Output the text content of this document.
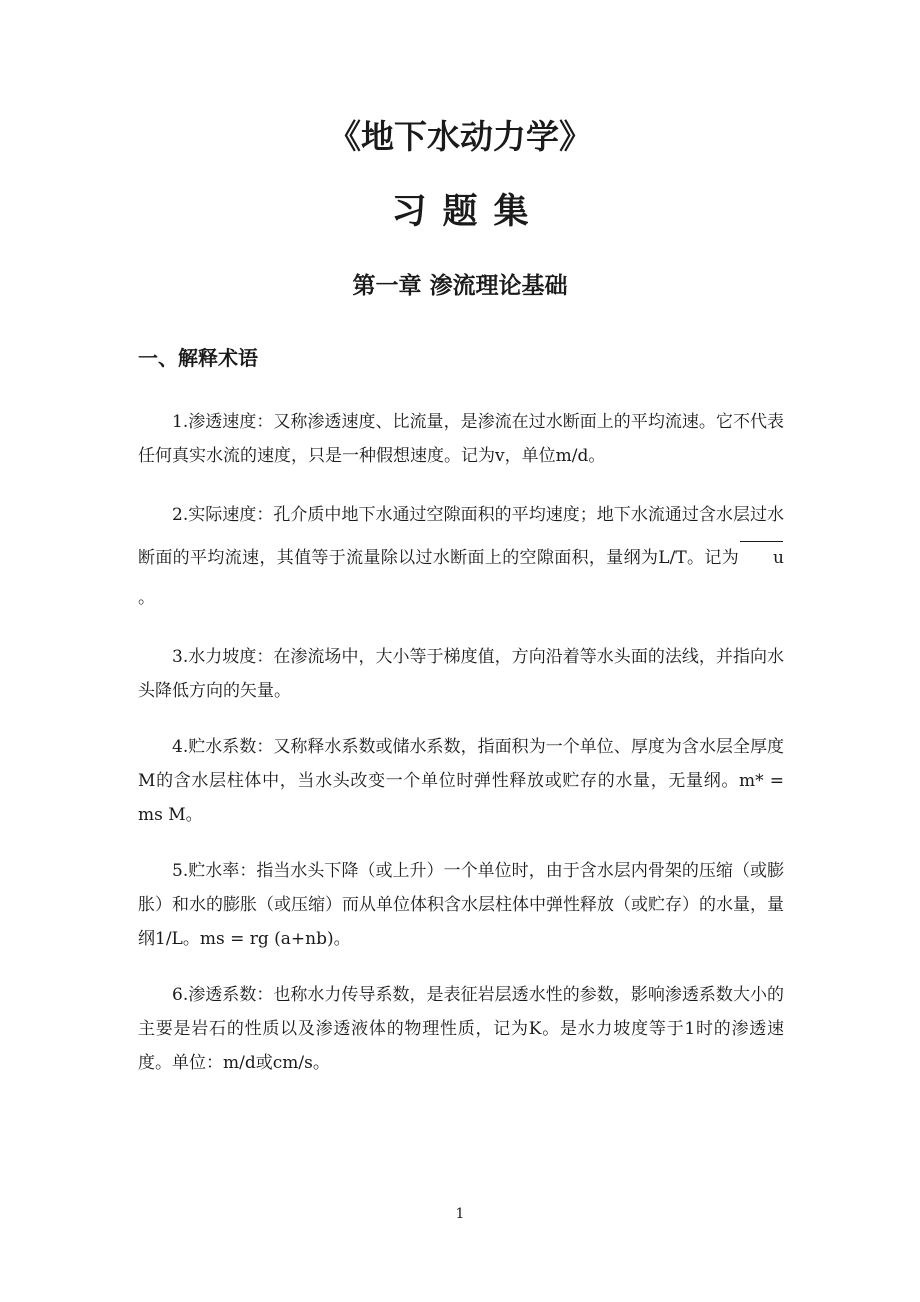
《地下水动力学》
习题集
第一章 渗流理论基础
一、解释术语

1.渗透速度：又称渗透速度、比流量，是渗流在过水断面上的平均流速。它不代表任何真实水流的速度，只是一种假想速度。记为v，单位m/d。

2.实际速度：孔介质中地下水通过空隙面积的平均速度；地下水流通过含水层过水断面的平均流速，其值等于流量除以过水断面上的空隙面积，量纲为L/T。记为 u。

3.水力坡度：在渗流场中，大小等于梯度值，方向沿着等水头面的法线，并指向水头降低方向的矢量。

4.贮水系数：又称释水系数或储水系数，指面积为一个单位、厚度为含水层全厚度M的含水层柱体中，当水头改变一个单位时弹性释放或贮存的水量，无量纲。m* = ms M。

5.贮水率：指当水头下降（或上升）一个单位时，由于含水层内骨架的压缩（或膨胀）和水的膨胀（或压缩）而从单位体积含水层柱体中弹性释放（或贮存）的水量，量纲1/L。ms = rg (a+nb)。

6.渗透系数：也称水力传导系数，是表征岩层透水性的参数，影响渗透系数大小的主要是岩石的性质以及渗透液体的物理性质，记为K。是水力坡度等于1时的渗透速度。单位：m/d或cm/s。

1
